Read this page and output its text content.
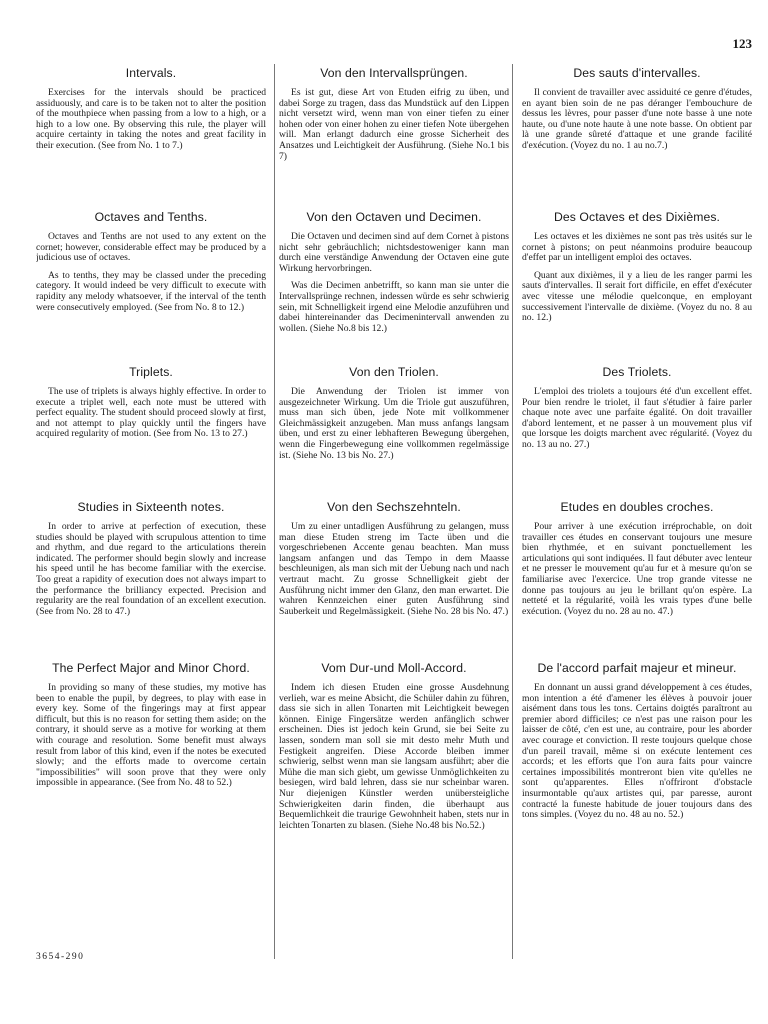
123
Intervals.

Exercises for the intervals should be practiced assiduously, and care is to be taken not to alter the position of the mouthpiece when passing from a low to a high, or a high to a low one. By observing this rule, the player will acquire certainty in taking the notes and great facility in their execution. (See from No. 1 to 7.)

Von den Intervallsprüngen.

Es ist gut, diese Art von Etuden eifrig zu üben, und dabei Sorge zu tragen, dass das Mundstück auf den Lippen nicht versetzt wird, wenn man von einer tiefen zu einer hohen oder von einer hohen zu einer tiefen Note übergehen will. Man erlangt dadurch eine grosse Sicherheit des Ansatzes und Leichtigkeit der Ausführung. (Siehe No.1 bis 7)

Des sauts d'intervalles.

Il convient de travailler avec assiduité ce genre d'études, en ayant bien soin de ne pas déranger l'embouchure de dessus les lèvres, pour passer d'une note basse à une note haute, ou d'une note haute à une note basse. On obtient par là une grande sûreté d'attaque et une grande facilité d'exécution. (Voyez du no. 1 au no.7.)

Octaves and Tenths.

Octaves and Tenths are not used to any extent on the cornet; however, considerable effect may be produced by a judicious use of octaves.

As to tenths, they may be classed under the preceding category. It would indeed be very difficult to execute with rapidity any melody whatsoever, if the interval of the tenth were consecutively employed. (See from No. 8 to 12.)

Von den Octaven und Decimen.

Die Octaven und decimen sind auf dem Cornet à pistons nicht sehr gebräuchlich; nichtsdestoweniger kann man durch eine verständige Anwendung der Octaven eine gute Wirkung hervorbringen.

Was die Decimen anbetrifft, so kann man sie unter die Intervallsprünge rechnen, indessen würde es sehr schwierig sein, mit Schnelligkeit irgend eine Melodie anzuführen und dabei hintereinander das Decimenintervall anwenden zu wollen. (Siehe No.8 bis 12.)

Des Octaves et des Dixièmes.

Les octaves et les dixièmes ne sont pas très usités sur le cornet à pistons; on peut néanmoins produire beaucoup d'effet par un intelligent emploi des octaves.

Quant aux dixièmes, il y a lieu de les ranger parmi les sauts d'intervalles. Il serait fort difficile, en effet d'exécuter avec vitesse une mélodie quelconque, en employant successivement l'intervalle de dixième. (Voyez du no. 8 au no. 12.)

Triplets.

The use of triplets is always highly effective. In order to execute a triplet well, each note must be uttered with perfect equality. The student should proceed slowly at first, and not attempt to play quickly until the fingers have acquired regularity of motion. (See from No. 13 to 27.)

Von den Triolen.

Die Anwendung der Triolen ist immer von ausgezeichneter Wirkung. Um die Triole gut auszuführen, muss man sich üben, jede Note mit vollkommener Gleichmässigkeit anzugeben. Man muss anfangs langsam üben, und erst zu einer lebhafteren Bewegung übergehen, wenn die Fingerbewegung eine vollkommen regelmässige ist. (Siehe No. 13 bis No. 27.)

Des Triolets.

L'emploi des triolets a toujours été d'un excellent effet. Pour bien rendre le triolet, il faut s'étudier à faire parler chaque note avec une parfaite égalité. On doit travailler d'abord lentement, et ne passer à un mouvement plus vif que lorsque les doigts marchent avec régularité. (Voyez du no. 13 au no. 27.)

Studies in Sixteenth notes.

In order to arrive at perfection of execution, these studies should be played with scrupulous attention to time and rhythm, and due regard to the articulations therein indicated. The performer should begin slowly and increase his speed until he has become familiar with the exercise. Too great a rapidity of execution does not always impart to the performance the brilliancy expected. Precision and regularity are the real foundation of an excellent execution. (See from No. 28 to 47.)

Von den Sechszehnteln.

Um zu einer untadligen Ausführung zu gelangen, muss man diese Etuden streng im Tacte üben und die vorgeschriebenen Accente genau beachten. Man muss langsam anfangen und das Tempo in dem Maasse beschleunigen, als man sich mit der Uebung nach und nach vertraut macht. Zu grosse Schnelligkeit giebt der Ausführung nicht immer den Glanz, den man erwartet. Die wahren Kennzeichen einer guten Ausführung sind Sauberkeit und Regelmässigkeit. (Siehe No. 28 bis No. 47.)

Etudes en doubles croches.

Pour arriver à une exécution irréprochable, on doit travailler ces études en conservant toujours une mesure bien rhythmée, et en suivant ponctuellement les articulations qui sont indiquées. Il faut débuter avec lenteur et ne presser le mouvement qu'au fur et à mesure qu'on se familiarise avec l'exercice. Une trop grande vitesse ne donne pas toujours au jeu le brillant qu'on espère. La netteté et la régularité, voilà les vrais types d'une belle exécution. (Voyez du no. 28 au no. 47.)

The Perfect Major and Minor Chord.

In providing so many of these studies, my motive has been to enable the pupil, by degrees, to play with ease in every key. Some of the fingerings may at first appear difficult, but this is no reason for setting them aside; on the contrary, it should serve as a motive for working at them with courage and resolution. Some benefit must always result from labor of this kind, even if the notes be executed slowly; and the efforts made to overcome certain "impossibilities" will soon prove that they were only impossible in appearance. (See from No. 48 to 52.)

Vom Dur-und Moll-Accord.

Indem ich diesen Etuden eine grosse Ausdehnung verlieh, war es meine Absicht, die Schüler dahin zu führen, dass sie sich in allen Tonarten mit Leichtigkeit bewegen können. Einige Fingersätze werden anfänglich schwer erscheinen. Dies ist jedoch kein Grund, sie bei Seite zu lassen, sondern man soll sie mit desto mehr Muth und Festigkeit angreifen. Diese Accorde bleiben immer schwierig, selbst wenn man sie langsam ausführt; aber die Mühe die man sich giebt, um gewisse Unmöglichkeiten zu besiegen, wird bald lehren, dass sie nur scheinbar waren. Nur diejenigen Künstler werden unübersteigliche Schwierigkeiten darin finden, die überhaupt aus Bequemlichkeit die traurige Gewohnheit haben, stets nur in leichten Tonarten zu blasen. (Siehe No.48 bis No.52.)

De l'accord parfait majeur et mineur.

En donnant un aussi grand développement à ces études, mon intention a été d'amener les élèves à pouvoir jouer aisément dans tous les tons. Certains doigtés paraîtront au premier abord difficiles; ce n'est pas une raison pour les laisser de côté, c'en est une, au contraire, pour les aborder avec courage et conviction. Il reste toujours quelque chose d'un pareil travail, même si on exécute lentement ces accords; et les efforts que l'on aura faits pour vaincre certaines impossibilités montreront bien vite qu'elles ne sont qu'apparentes. Elles n'offriront d'obstacle insurmontable qu'aux artistes qui, par paresse, auront contracté la funeste habitude de jouer toujours dans des tons simples. (Voyez du no. 48 au no. 52.)

3654-290
